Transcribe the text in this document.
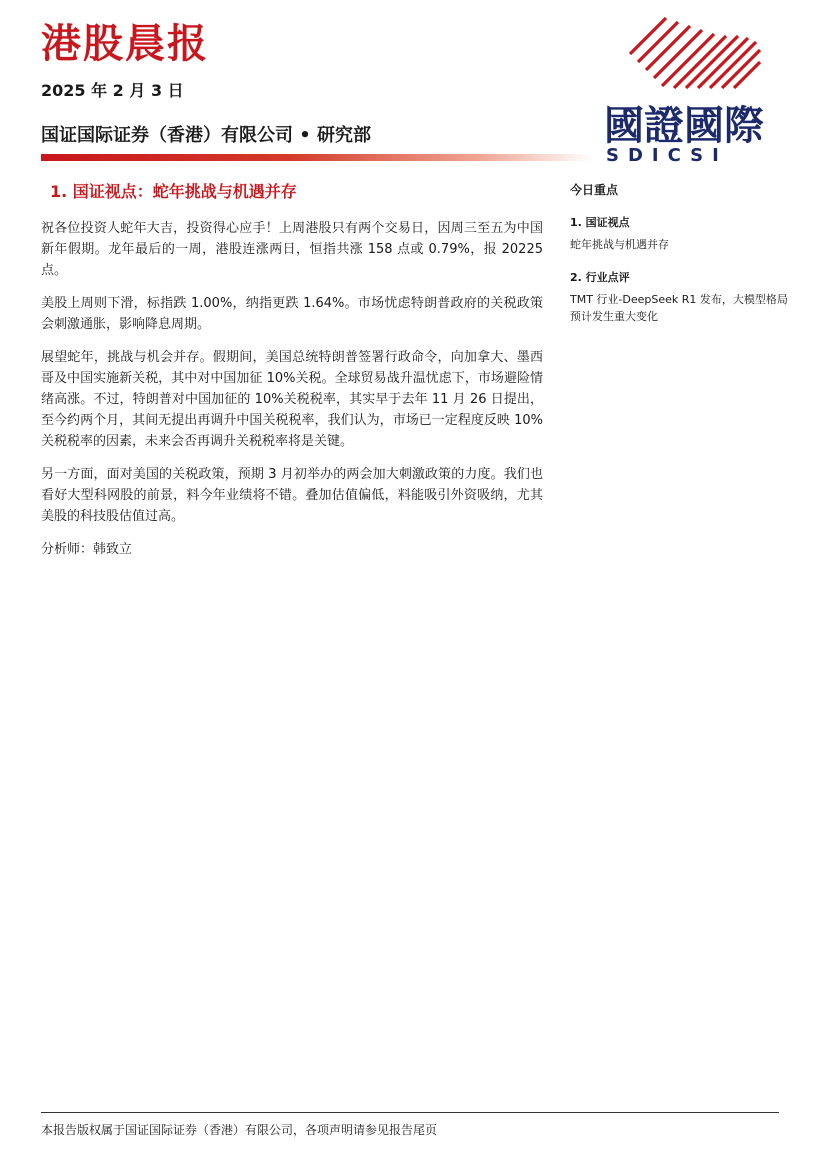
港股晨报
2025 年 2 月 3 日
国证国际证券（香港）有限公司 • 研究部	國證國際
SDICSI
1. 国证视点：蛇年挑战与机遇并存

祝各位投资人蛇年大吉，投资得心应手！上周港股只有两个交易日，因周三至五为中国新年假期。龙年最后的一周，港股连涨两日，恒指共涨 158 点或 0.79%，报 20225 点。

美股上周则下滑，标指跌 1.00%，纳指更跌 1.64%。市场忧虑特朗普政府的关税政策会刺激通胀，影响降息周期。

展望蛇年，挑战与机会并存。假期间，美国总统特朗普签署行政命令，向加拿大、墨西哥及中国实施新关税，其中对中国加征 10%关税。全球贸易战升温忧虑下，市场避险情绪高涨。不过，特朗普对中国加征的 10%关税税率，其实早于去年 11 月 26 日提出，至今约两个月，其间无提出再调升中国关税税率，我们认为，市场已一定程度反映 10%关税税率的因素，未来会否再调升关税税率将是关键。

另一方面，面对美国的关税政策，预期 3 月初举办的两会加大刺激政策的力度。我们也看好大型科网股的前景，料今年业绩将不错。叠加估值偏低，料能吸引外资吸纳，尤其美股的科技股估值过高。

分析师：韩致立

今日重点
1. 国证视点
蛇年挑战与机遇并存
2. 行业点评
TMT 行业-DeepSeek R1 发布，大模型格局预计发生重大变化
本报告版权属于国证国际证券（香港）有限公司，各项声明请参见报告尾页
